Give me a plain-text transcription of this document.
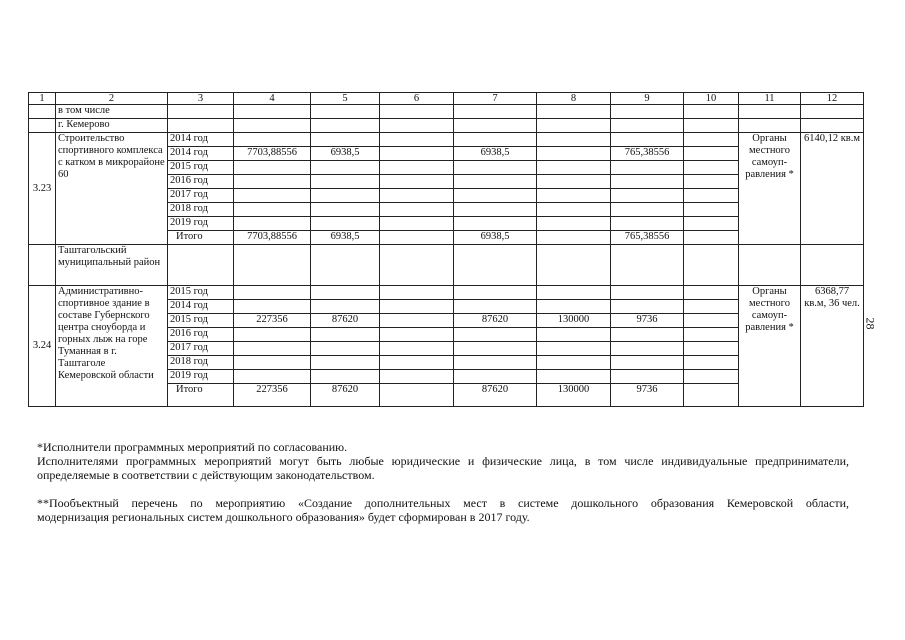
1	2	3	4	5	6	7	8	9	10	11	12
	в том числе										
	г. Кемерово										
3.23	Строительство спортивного комплекса с катком в микрорайоне 60	2014 год								Органы местного самоуп-равления *	6140,12 кв.м
		2014 год	7703,88556	6938,5		6938,5		765,38556			
		2015 год									
		2016 год									
		2017 год									
		2018 год									
		2019 год									
		Итого	7703,88556	6938,5		6938,5		765,38556			
	Таштагольский муниципальный район										
3.24	Административно-спортивное здание в составе Губернского центра сноуборда и горных лыж на горе Туманная в г. Таштаголе Кемеровской области	2015 год								Органы местного самоуп-равления *	6368,77 кв.м, 36 чел.
		2014 год									
		2015 год	227356	87620		87620	130000	9736			
		2016 год									
		2017 год									
		2018 год									
		2019 год									
		Итого	227356	87620		87620	130000	9736			

*Исполнители программных мероприятий по согласованию.

Исполнителями программных мероприятий могут быть любые юридические и физические лица, в том числе индивидуальные предприниматели,

определяемые в соответствии с действующим законодательством.

**Пообъектный перечень по мероприятию «Создание дополнительных мест в системе дошкольного образования Кемеровской области,

модернизация региональных систем дошкольного образования» будет сформирован в 2017 году.

28
